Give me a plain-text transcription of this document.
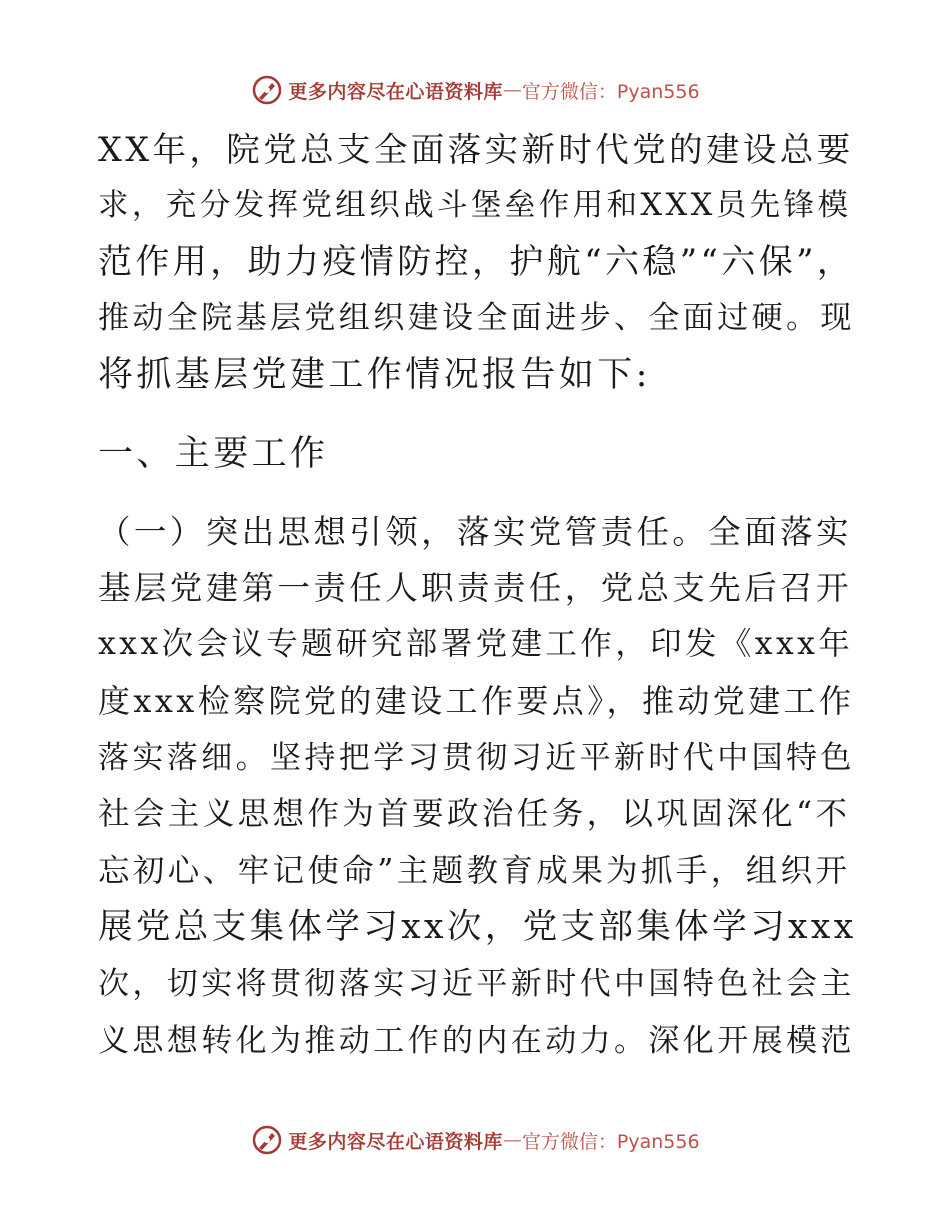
更多内容尽在心语资料库 — 官方微信：Pyan556
XX年，院党总支全面落实新时代党的建设总要
求，充分发挥党组织战斗堡垒作用和XXX员先锋模
范作用，助力疫情防控，护航“六稳”“六保”，
推动全院基层党组织建设全面进步、全面过硬。现
将抓基层党建工作情况报告如下:
一、主要工作
（一）突出思想引领，落实党管责任。全面落实
基层党建第一责任人职责责任，党总支先后召开
xxx次会议专题研究部署党建工作，印发《xxx年
度xxx检察院党的建设工作要点》，推动党建工作
落实落细。坚持把学习贯彻习近平新时代中国特色
社会主义思想作为首要政治任务，以巩固深化“不
忘初心、牢记使命”主题教育成果为抓手，组织开
展党总支集体学习xx次，党支部集体学习xxx
次，切实将贯彻落实习近平新时代中国特色社会主
义思想转化为推动工作的内在动力。深化开展模范
更多内容尽在心语资料库 — 官方微信：Pyan556
